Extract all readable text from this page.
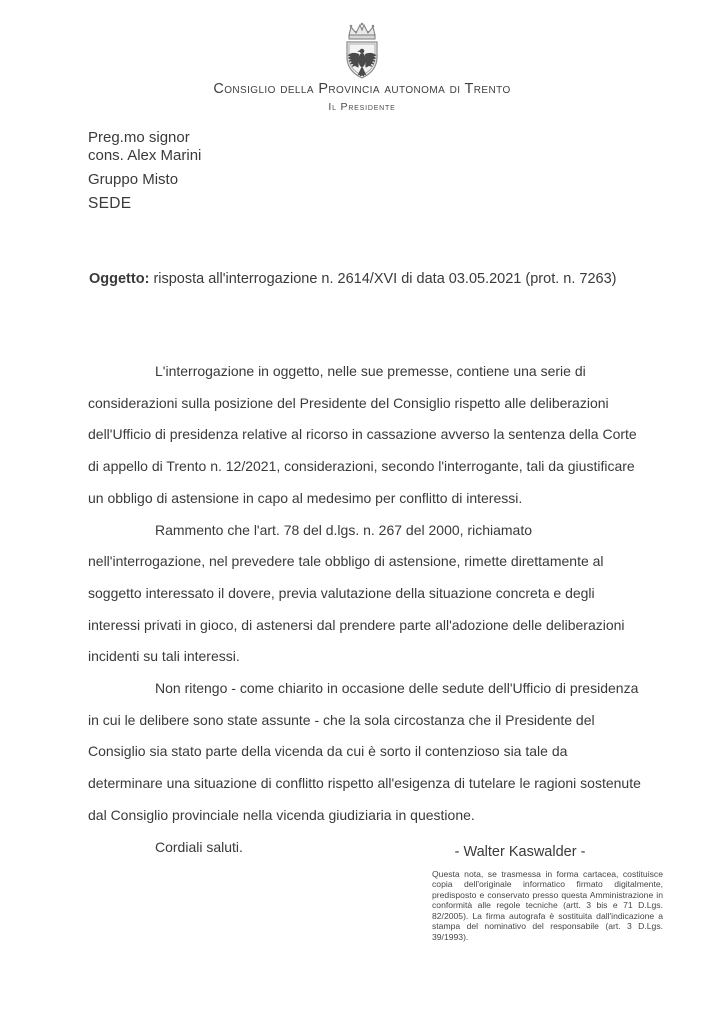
Consiglio della Provincia autonoma di Trento
Il Presidente
Preg.mo signor
cons. Alex Marini
Gruppo Misto
SEDE
Oggetto: risposta all'interrogazione n. 2614/XVI di data 03.05.2021 (prot. n. 7263)

L'interrogazione in oggetto, nelle sue premesse, contiene una serie di considerazioni sulla posizione del Presidente del Consiglio rispetto alle deliberazioni dell'Ufficio di presidenza relative al ricorso in cassazione avverso la sentenza della Corte di appello di Trento n. 12/2021, considerazioni, secondo l'interrogante, tali da giustificare un obbligo di astensione in capo al medesimo per conflitto di interessi.

Rammento che l'art. 78 del d.lgs. n. 267 del 2000, richiamato nell'interrogazione, nel prevedere tale obbligo di astensione, rimette direttamente al soggetto interessato il dovere, previa valutazione della situazione concreta e degli interessi privati in gioco, di astenersi dal prendere parte all'adozione delle deliberazioni incidenti su tali interessi.

Non ritengo - come chiarito in occasione delle sedute dell'Ufficio di presidenza in cui le delibere sono state assunte - che la sola circostanza che il Presidente del Consiglio sia stato parte della vicenda da cui è sorto il contenzioso sia tale da determinare una situazione di conflitto rispetto all'esigenza di tutelare le ragioni sostenute dal Consiglio provinciale nella vicenda giudiziaria in questione.

Cordiali saluti.	- Walter Kaswalder -
Questa nota, se trasmessa in forma cartacea, costituisce copia dell'originale informatico firmato digitalmente, predisposto e conservato presso questa Amministrazione in conformità alle regole tecniche (artt. 3 bis e 71 D.Lgs. 82/2005). La firma autografa è sostituita dall'indicazione a stampa del nominativo del responsabile (art. 3 D.Lgs. 39/1993).
